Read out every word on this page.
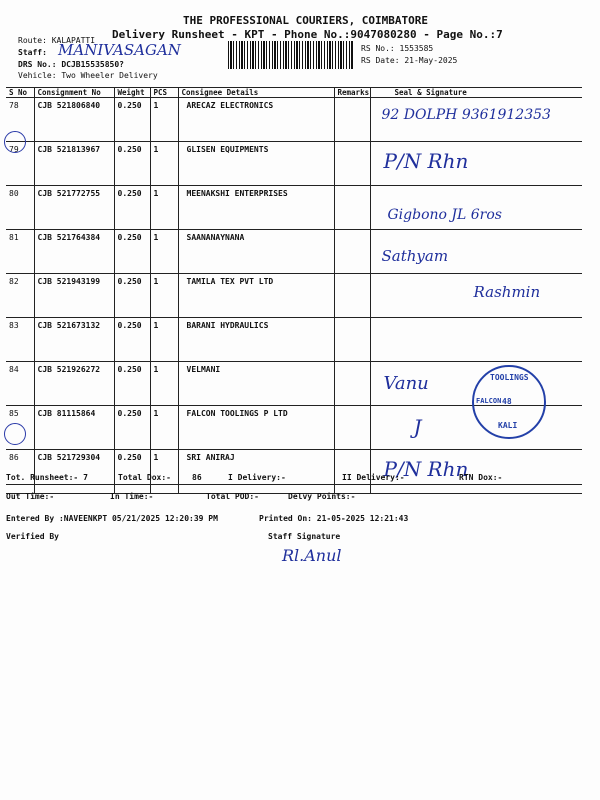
THE PROFESSIONAL COURIERS, COIMBATORE
Delivery Runsheet - KPT - Phone No.:9047080280 - Page No.:7
Route: KALAPATTI
Staff: MANIVASAGAN
DRS No.: DCJB15535850?
Vehicle: Two Wheeler Delivery
RS No.: 1553585
RS Date: 21-May-2025
S No	Consignment No	Weight	PCS	Consignee Details	Remarks	Seal & Signature
78	CJB 521806840	0.250	1	ARECAZ ELECTRONICS		92 DOLPH 9361912353
79	CJB 521813967	0.250	1	GLISEN EQUIPMENTS		P/N Rhn
80	CJB 521772755	0.250	1	MEENAKSHI ENTERPRISES		Gigbono JL 6ros
81	CJB 521764384	0.250	1	SAANANAYNANA		Sathyam
82	CJB 521943199	0.250	1	TAMILA TEX PVT LTD		Rashmin
83	CJB 521673132	0.250	1	BARANI HYDRAULICS		
84	CJB 521926272	0.250	1	VELMANI		Vanu
85	CJB 81115864	0.250	1	FALCON TOOLINGS P LTD		J
86	CJB 521729304	0.250	1	SRI ANIRAJ		P/N Rhn
TOOLINGS
FALCON 48
KALI
Tot. Runsheet:- 7	Total Dox:-	86	I Delivery:-	II Delivery:-	RTN Dox:-
Out Time:-	In Time:-	Total POD:-	Delvy Points:-
Entered By :NAVEENKPT 05/21/2025 12:20:39 PM	Printed On: 21-05-2025 12:21:43
Verified By	Staff Signature
Rl.Anul
